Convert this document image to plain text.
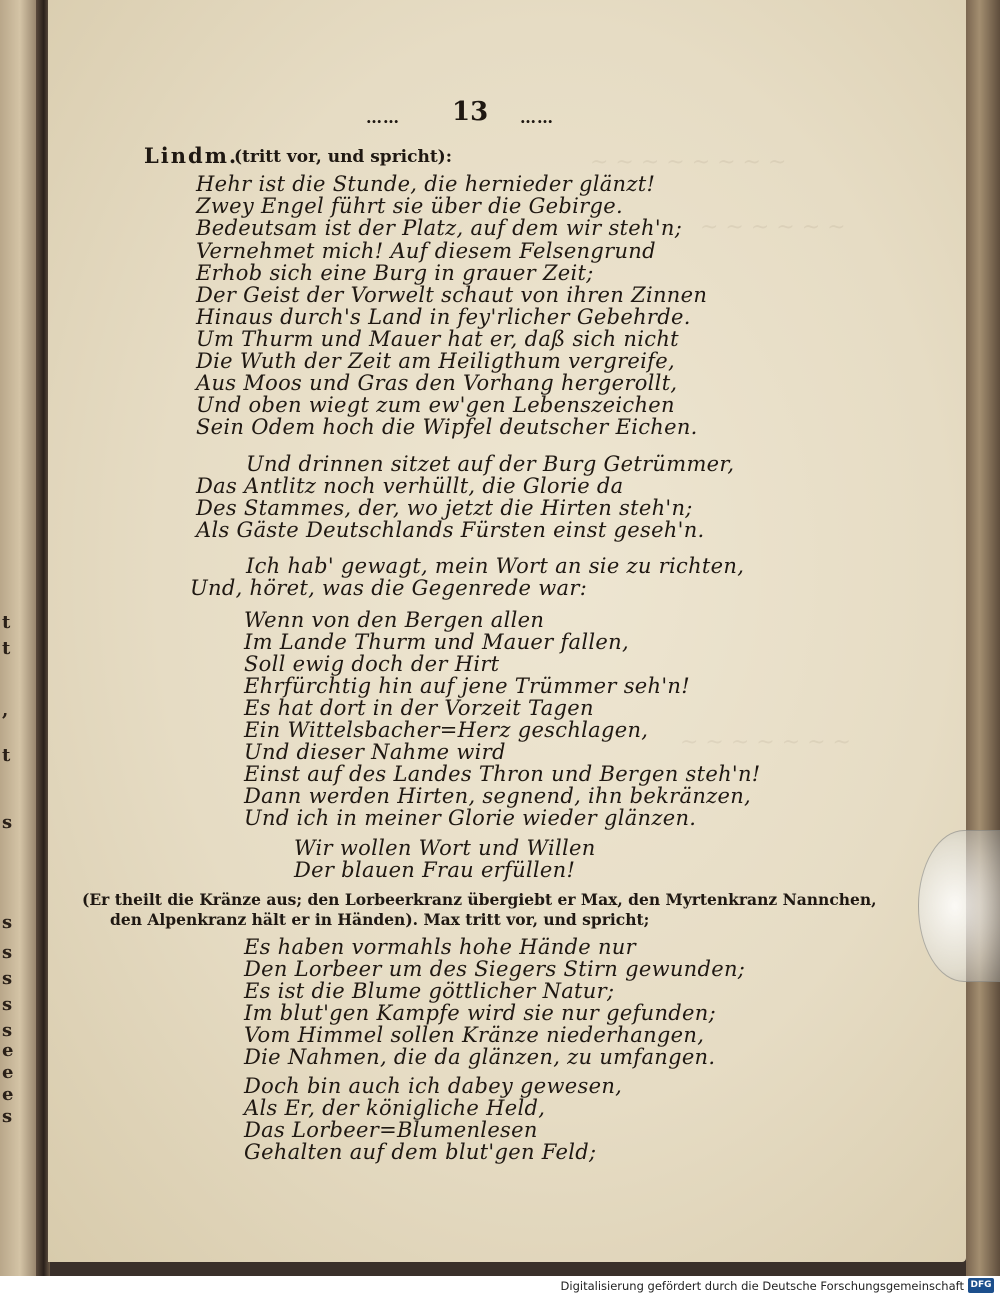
~ ~ ~ ~ ~ ~ ~ ~
~ ~ ~ ~ ~ ~
~ ~ ~ ~ ~ ~ ~
t
t
,
t
s
s
s
s
s
s
e
e
e
s
…… 13 ……
Lindm.
(tritt vor, und spricht):
Hehr ist die Stunde, die hernieder glänzt!
Zwey Engel führt sie über die Gebirge.
Bedeutsam ist der Platz, auf dem wir steh'n;
Vernehmet mich! Auf diesem Felsengrund
Erhob sich eine Burg in grauer Zeit;
Der Geist der Vorwelt schaut von ihren Zinnen
Hinaus durch's Land in fey'rlicher Gebehrde.
Um Thurm und Mauer hat er, daß sich nicht
Die Wuth der Zeit am Heiligthum vergreife,
Aus Moos und Gras den Vorhang hergerollt,
Und oben wiegt zum ew'gen Lebenszeichen
Sein Odem hoch die Wipfel deutscher Eichen.
Und drinnen sitzet auf der Burg Getrümmer,
Das Antlitz noch verhüllt, die Glorie da
Des Stammes, der, wo jetzt die Hirten steh'n;
Als Gäste Deutschlands Fürsten einst geseh'n.
Ich hab' gewagt, mein Wort an sie zu richten,
Und, höret, was die Gegenrede war:
Wenn von den Bergen allen
Im Lande Thurm und Mauer fallen,
Soll ewig doch der Hirt
Ehrfürchtig hin auf jene Trümmer seh'n!
Es hat dort in der Vorzeit Tagen
Ein Wittelsbacher=Herz geschlagen,
Und dieser Nahme wird
Einst auf des Landes Thron und Bergen steh'n!
Dann werden Hirten, segnend, ihn bekränzen,
Und ich in meiner Glorie wieder glänzen.
Wir wollen Wort und Willen
Der blauen Frau erfüllen!
(Er theilt die Kränze aus; den Lorbeerkranz übergiebt er Max, den Myrtenkranz Nannchen,
den Alpenkranz hält er in Händen). Max tritt vor, und spricht;
Es haben vormahls hohe Hände nur
Den Lorbeer um des Siegers Stirn gewunden;
Es ist die Blume göttlicher Natur;
Im blut'gen Kampfe wird sie nur gefunden;
Vom Himmel sollen Kränze niederhangen,
Die Nahmen, die da glänzen, zu umfangen.
Doch bin auch ich dabey gewesen,
Als Er, der königliche Held,
Das Lorbeer=Blumenlesen
Gehalten auf dem blut'gen Feld;
Digitalisierung gefördert durch die Deutsche Forschungsgemeinschaft DFG
